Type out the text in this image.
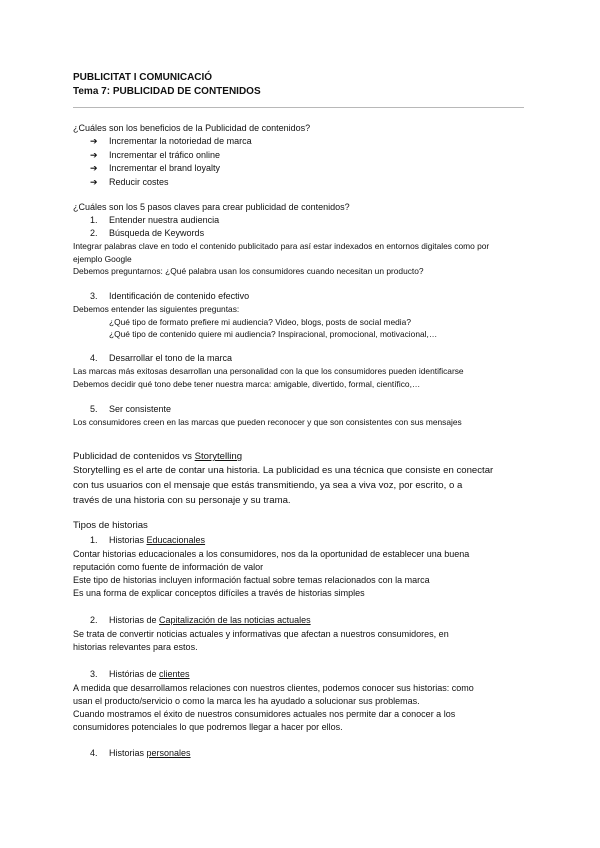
PUBLICITAT I COMUNICACIÓ
Tema 7: PUBLICIDAD DE CONTENIDOS
¿Cuáles son los beneficios de la Publicidad de contenidos?
➔ Incrementar la notoriedad de marca
➔ Incrementar el tráfico online
➔ Incrementar el brand loyalty
➔ Reducir costes
¿Cuáles son los 5 pasos claves para crear publicidad de contenidos?
1. Entender nuestra audiencia
2. Búsqueda de Keywords
Integrar palabras clave en todo el contenido publicitado para así estar indexados en entornos digitales como por
ejemplo Google
Debemos preguntarnos: ¿Qué palabra usan los consumidores cuando necesitan un producto?
3. Identificación de contenido efectivo
Debemos entender las siguientes preguntas:
¿Qué tipo de formato prefiere mi audiencia? Video, blogs, posts de social media?
¿Qué tipo de contenido quiere mi audiencia? Inspiracional, promocional, motivacional,…
4. Desarrollar el tono de la marca
Las marcas más exitosas desarrollan una personalidad con la que los consumidores pueden identificarse
Debemos decidir qué tono debe tener nuestra marca: amigable, divertido, formal, científico,…
5. Ser consistente
Los consumidores creen en las marcas que pueden reconocer y que son consistentes con sus mensajes
Publicidad de contenidos vs Storytelling
Storytelling es el arte de contar una historia. La publicidad es una técnica que consiste en conectar
con tus usuarios con el mensaje que estás transmitiendo, ya sea a viva voz, por escrito, o a
través de una historia con su personaje y su trama.
Tipos de historias
1. Historias Educacionales
Contar historias educacionales a los consumidores, nos da la oportunidad de establecer una buena
reputación como fuente de información de valor
Este tipo de historias incluyen información factual sobre temas relacionados con la marca
Es una forma de explicar conceptos difíciles a través de historias simples
2. Historias de Capitalización de las noticias actuales
Se trata de convertir noticias actuales y informativas que afectan a nuestros consumidores, en
historias relevantes para estos.
3. Histórias de clientes
A medida que desarrollamos relaciones con nuestros clientes, podemos conocer sus historias: como
usan el producto/servicio o como la marca les ha ayudado a solucionar sus problemas.
Cuando mostramos el éxito de nuestros consumidores actuales nos permite dar a conocer a los
consumidores potenciales lo que podremos llegar a hacer por ellos.
4. Historias personales
